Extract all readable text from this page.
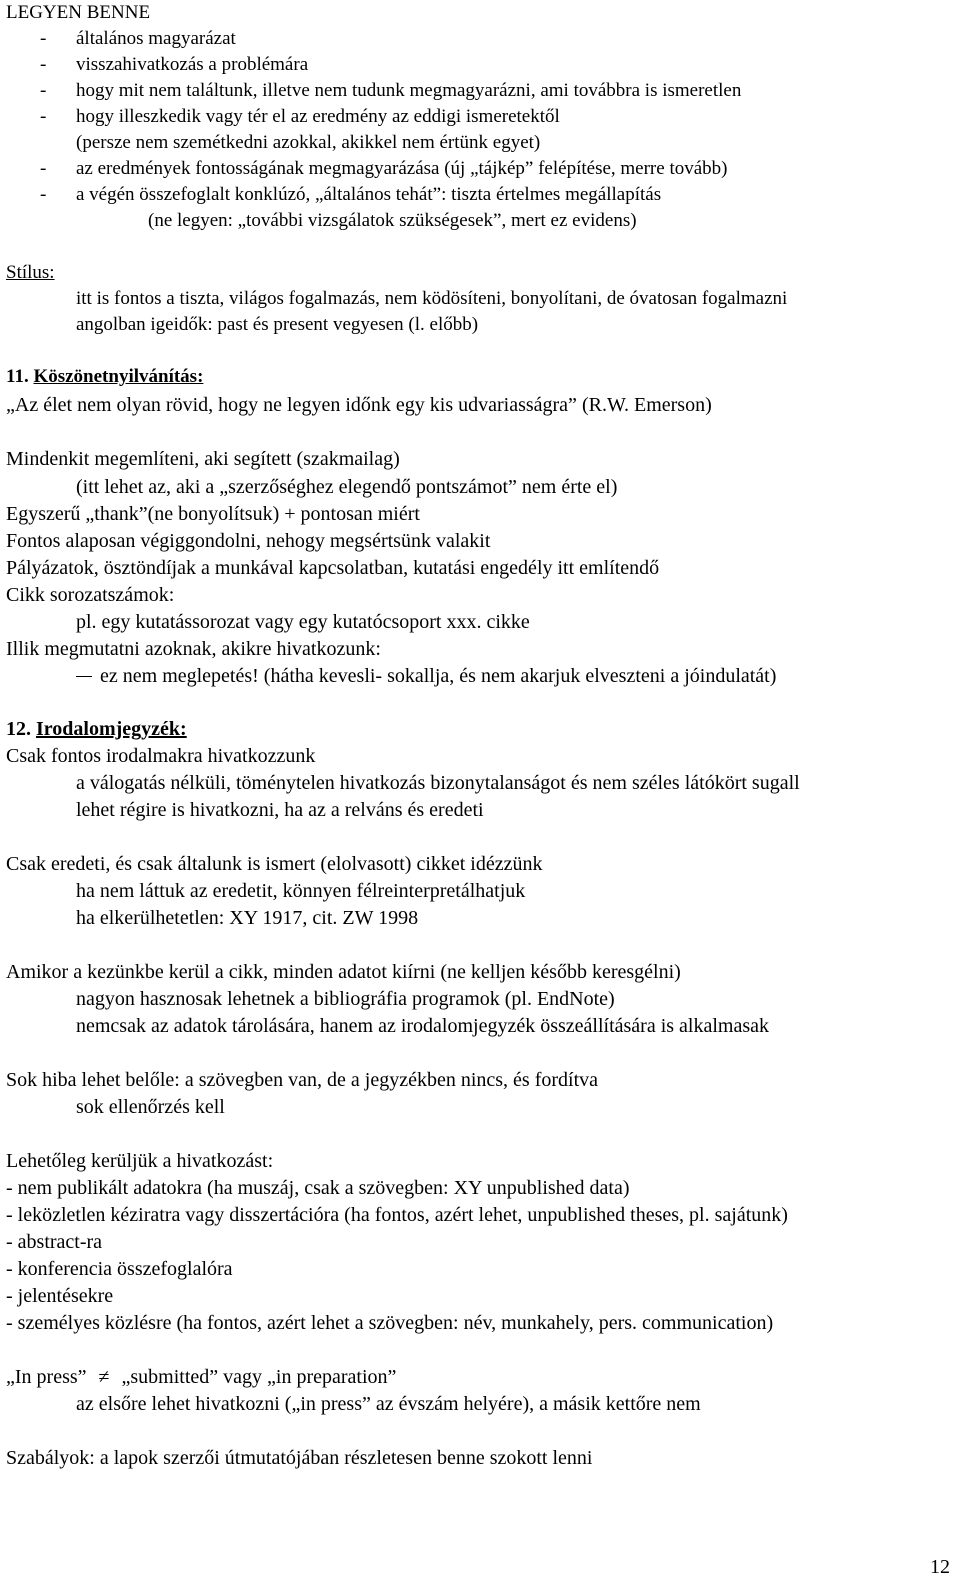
LEGYEN BENNE
- általános magyarázat
- visszahivatkozás a problémára
- hogy mit nem találtunk, illetve nem tudunk megmagyarázni, ami továbbra is ismeretlen
- hogy illeszkedik vagy tér el az eredmény az eddigi ismeretektől
(persze nem szemétkedni azokkal, akikkel nem értünk egyet)
- az eredmények fontosságának megmagyarázása (új „tájkép” felépítése, merre tovább)
- a végén összefoglalt konklúzó, „általános tehát”: tiszta értelmes megállapítás
(ne legyen: „további vizsgálatok szükségesek”, mert ez evidens)
Stílus:
itt is fontos a tiszta, világos fogalmazás, nem ködösíteni, bonyolítani, de óvatosan fogalmazni
angolban igeidők: past és present vegyesen (l. előbb)
11. Köszönetnyilvánítás:
„Az élet nem olyan rövid, hogy ne legyen időnk egy kis udvariasságra” (R.W. Emerson)
Mindenkit megemlíteni, aki segített (szakmailag)
(itt lehet az, aki a „szerzőséghez elegendő pontszámot” nem érte el)
Egyszerű „thank”(ne bonyolítsuk) + pontosan miért
Fontos alaposan végiggondolni, nehogy megsértsünk valakit
Pályázatok, ösztöndíjak a munkával kapcsolatban, kutatási engedély itt említendő
Cikk sorozatszámok:
pl. egy kutatássorozat vagy egy kutatócsoport xxx. cikke
Illik megmutatni azoknak, akikre hivatkozunk:
ez nem meglepetés! (hátha kevesli- sokallja, és nem akarjuk elveszteni a jóindulatát)
12. Irodalomjegyzék:
Csak fontos irodalmakra hivatkozzunk
a válogatás nélküli, töménytelen hivatkozás bizonytalanságot és nem széles látókört sugall
lehet régire is hivatkozni, ha az a relváns és eredeti
Csak eredeti, és csak általunk is ismert (elolvasott) cikket idézzünk
ha nem láttuk az eredetit, könnyen félreinterpretálhatjuk
ha elkerülhetetlen: XY 1917, cit. ZW 1998
Amikor a kezünkbe kerül a cikk, minden adatot kiírni (ne kelljen később keresgélni)
nagyon hasznosak lehetnek a bibliográfia programok (pl. EndNote)
nemcsak az adatok tárolására, hanem az irodalomjegyzék összeállítására is alkalmasak
Sok hiba lehet belőle: a szövegben van, de a jegyzékben nincs, és fordítva
sok ellenőrzés kell
Lehetőleg kerüljük a hivatkozást:
- nem publikált adatokra (ha muszáj, csak a szövegben: XY unpublished data)
- leközletlen kéziratra vagy disszertációra (ha fontos, azért lehet, unpublished theses, pl. sajátunk)
- abstract-ra
- konferencia összefoglalóra
- jelentésekre
- személyes közlésre (ha fontos, azért lehet a szövegben: név, munkahely, pers. communication)
„In press” ≠ „submitted” vagy „in preparation”
az elsőre lehet hivatkozni („in press” az évszám helyére), a másik kettőre nem
Szabályok: a lapok szerzői útmutatójában részletesen benne szokott lenni
12
